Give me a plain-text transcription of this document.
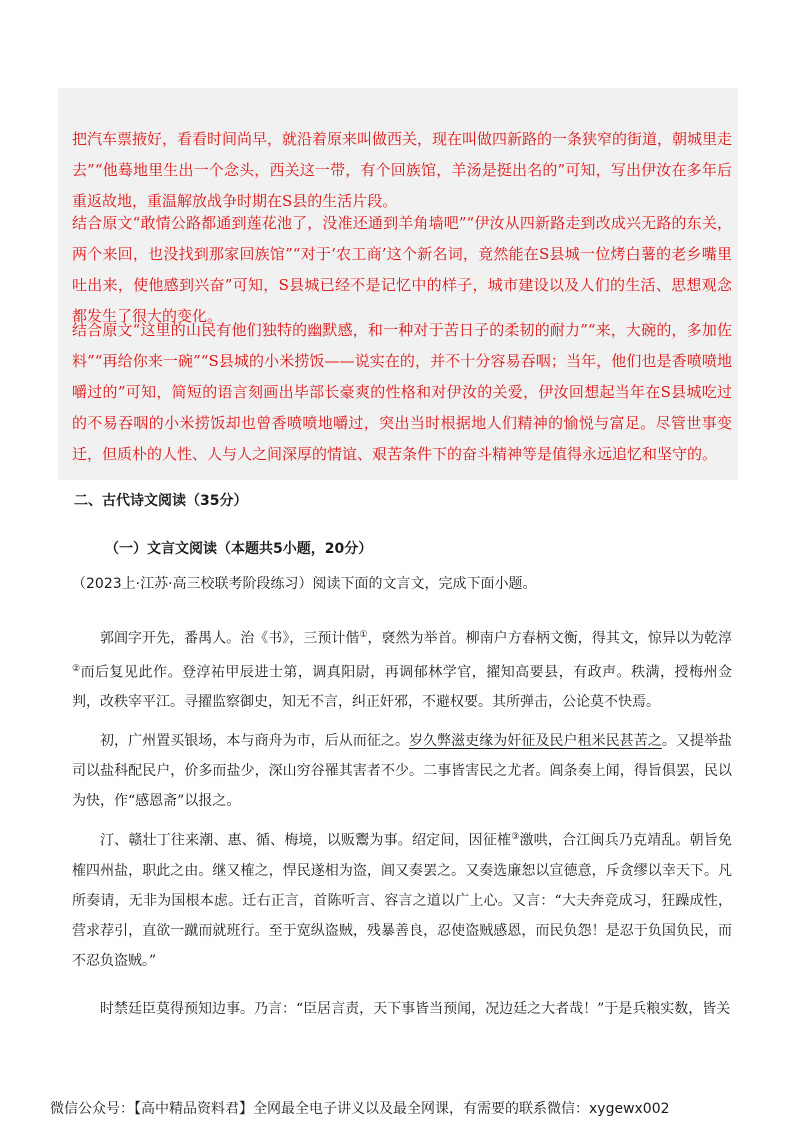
把汽车票掖好，看看时间尚早，就沿着原来叫做西关，现在叫做四新路的一条狭窄的街道，朝城里走去”“他蓦地里生出一个念头，西关这一带，有个回族馆，羊汤是挺出名的”可知，写出伊汝在多年后重返故地，重温解放战争时期在S县的生活片段。

结合原文“敢情公路都通到莲花池了，没准还通到羊角墙吧”“伊汝从四新路走到改成兴无路的东关，两个来回，也没找到那家回族馆”“对于‘农工商’这个新名词，竟然能在S县城一位烤白薯的老乡嘴里吐出来，使他感到兴奋”可知，S县城已经不是记忆中的样子，城市建设以及人们的生活、思想观念都发生了很大的变化。

结合原文“这里的山民有他们独特的幽默感，和一种对于苦日子的柔韧的耐力”“来，大碗的，多加佐料”“再给你来一碗”“S县城的小米捞饭——说实在的，并不十分容易吞咽；当年，他们也是香喷喷地嚼过的”可知，简短的语言刻画出毕部长豪爽的性格和对伊汝的关爱，伊汝回想起当年在S县城吃过的不易吞咽的小米捞饭却也曾香喷喷地嚼过，突出当时根据地人们精神的愉悦与富足。尽管世事变迁，但质朴的人性、人与人之间深厚的情谊、艰苦条件下的奋斗精神等是值得永远追忆和坚守的。

二、古代诗文阅读（35分）
（一）文言文阅读（本题共5小题，20分）

（2023上·江苏·高三校联考阶段练习）阅读下面的文言文，完成下面小题。

郭阊字开先，番禺人。治《书》，三预计偕①，褎然为举首。柳南户方春柄文衡，得其文，惊异以为乾淳②而后复见此作。登淳祐甲辰进士第，调真阳尉，再调郁林学官，擢知高要县，有政声。秩满，授梅州佥判，改秩宰平江。寻擢监察御史，知无不言，纠正奸邪，不避权要。其所弹击，公论莫不快焉。

初，广州置买银场，本与商舟为市，后从而征之。岁久弊滋吏缘为奸征及民户租米民甚苦之。又提举盐司以盐科配民户，价多而盐少，深山穷谷罹其害者不少。二事皆害民之尤者。阊条奏上闻，得旨俱罢，民以为快，作“感恩斋”以报之。

汀、赣壮丁往来潮、惠、循、梅境，以贩鬻为事。绍定间，因征榷③激哄，合江闽兵乃克靖乱。朝旨免榷四州盐，职此之由。继又榷之，悍民遂相为盗，阊又奏罢之。又奏选廉恕以宣德意，斥贪缪以幸天下。凡所奏请，无非为国根本虑。迁右正言，首陈听言、容言之道以广上心。又言：“大夫奔竞成习，狂躁成性，营求荐引，直欲一蹴而就班行。至于宽纵盗贼，残暴善良，忍使盗贼感恩，而民负怨！是忍于负国负民，而不忍负盗贼。”

时禁廷臣莫得预知边事。乃言：“臣居言责，天下事皆当预闻，况边廷之大者哉！”于是兵粮实数，皆关

微信公众号：【高中精品资料君】全网最全电子讲义以及最全网课，有需要的联系微信：xygewx002
